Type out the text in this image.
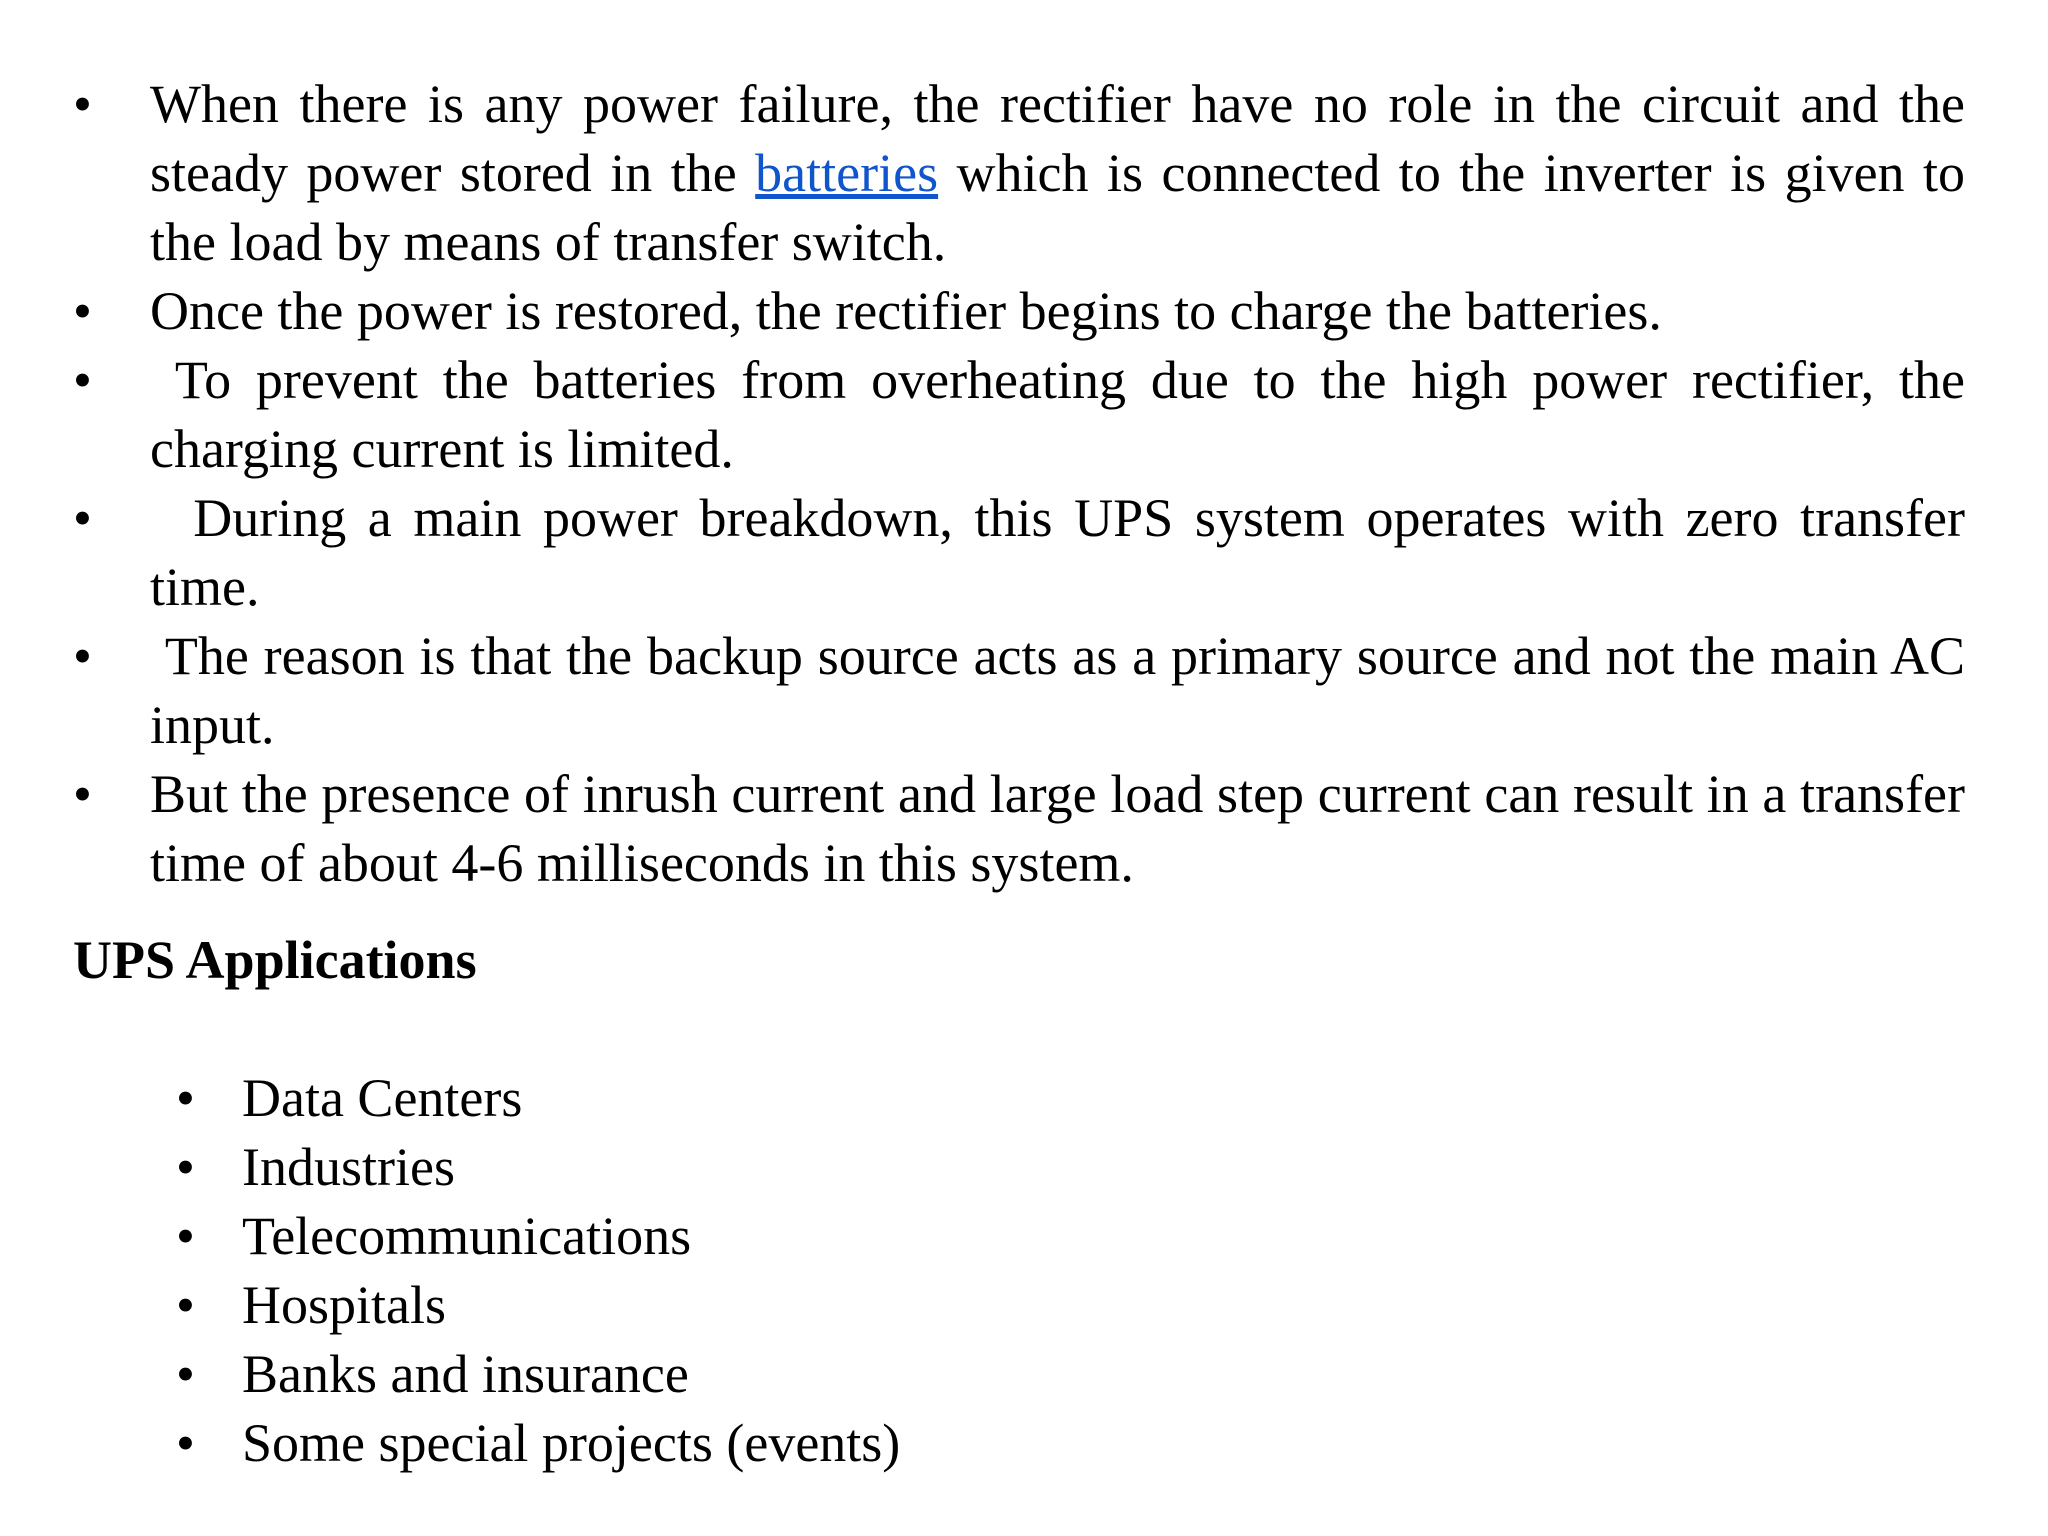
• When there is any power failure, the rectifier have no role in the circuit and the steady power stored in the batteries which is connected to the inverter is given to the load by means of transfer switch.
• Once the power is restored, the rectifier begins to charge the batteries.
• To prevent the batteries from overheating due to the high power rectifier, the charging current is limited.
• During a main power breakdown, this UPS system operates with zero transfer time.
• The reason is that the backup source acts as a primary source and not the main AC input.
• But the presence of inrush current and large load step current can result in a transfer time of about 4-6 milliseconds in this system.
UPS Applications
• Data Centers
• Industries
• Telecommunications
• Hospitals
• Banks and insurance
• Some special projects (events)
